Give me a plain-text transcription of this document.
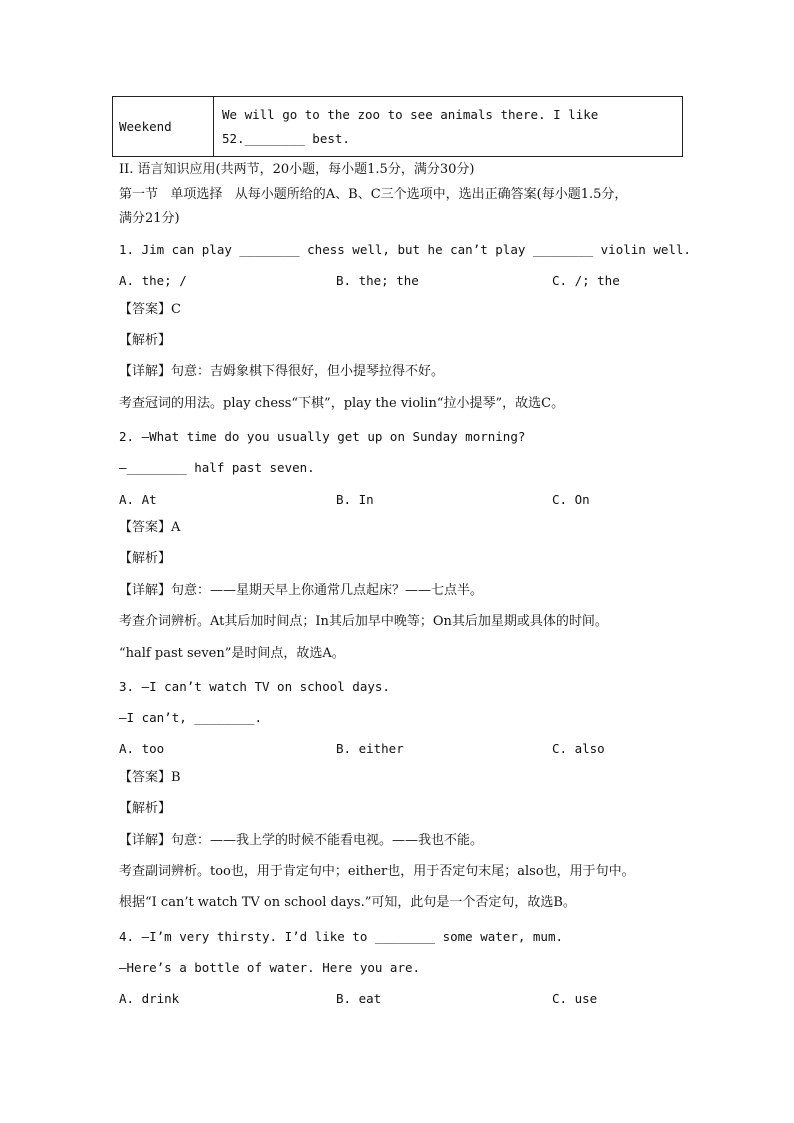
Weekend	We will go to the zoo to see animals there. I like 52.________ best.
II. 语言知识应用(共两节，20小题，每小题1.5分，满分30分)
第一节   单项选择   从每小题所给的A、B、C三个选项中，选出正确答案(每小题1.5分，
满分21分)
1. Jim can play ________ chess well, but he can’t play ________ violin well.
A. the; /	B. the; the	C. /; the
【答案】C
【解析】
【详解】句意：吉姆象棋下得很好，但小提琴拉得不好。
考查冠词的用法。play chess“下棋”，play the violin“拉小提琴”，故选C。
2. —What time do you usually get up on Sunday morning?
—________ half past seven.
A. At	B. In	C. On
【答案】A
【解析】
【详解】句意：——星期天早上你通常几点起床？——七点半。
考查介词辨析。At其后加时间点；In其后加早中晚等；On其后加星期或具体的时间。
“half past seven”是时间点，故选A。
3. —I can’t watch TV on school days.
—I can’t, ________.
A. too	B. either	C. also
【答案】B
【解析】
【详解】句意：——我上学的时候不能看电视。——我也不能。
考查副词辨析。too也，用于肯定句中；either也，用于否定句末尾；also也，用于句中。
根据“I can’t watch TV on school days.”可知，此句是一个否定句，故选B。
4. —I’m very thirsty. I’d like to ________ some water, mum.
—Here’s a bottle of water. Here you are.
A. drink	B. eat	C. use
